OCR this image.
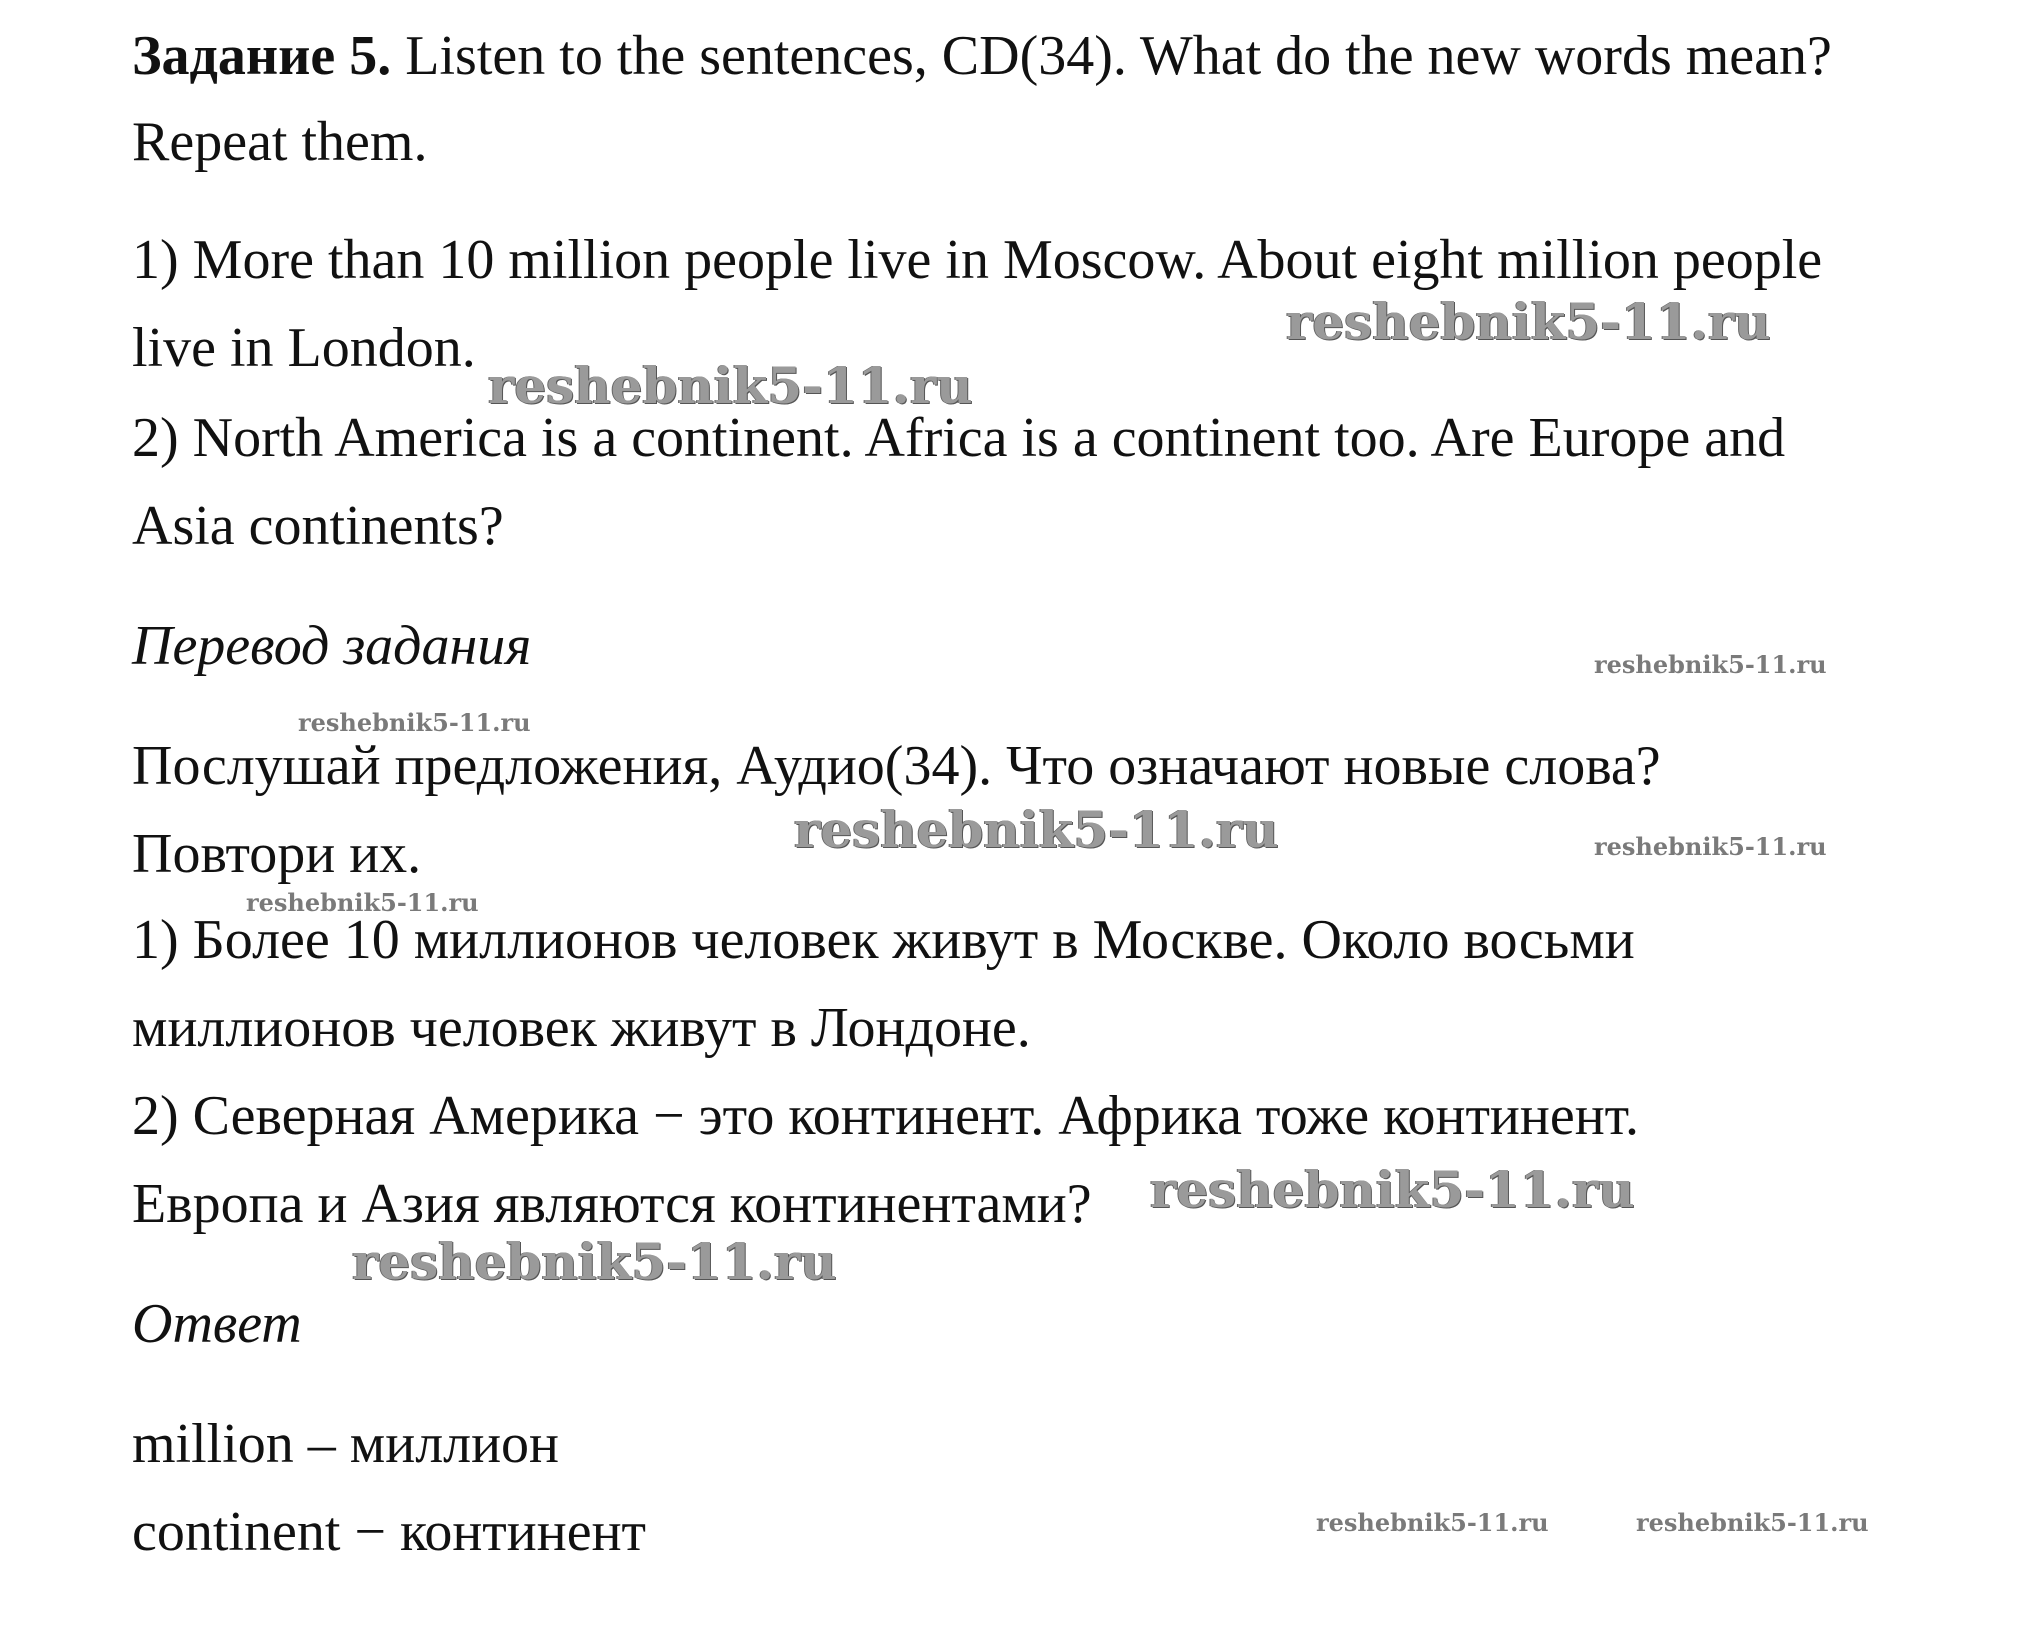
Задание 5. Listen to the sentences, CD(34). What do the new words mean?
Repeat them.
1) More than 10 million people live in Moscow. About eight million people
live in London.
2) North America is a continent. Africa is a continent too. Are Europe and
Asia continents?
Перевод задания
Послушай предложения, Аудио(34). Что означают новые слова?
Повтори их.
1) Более 10 миллионов человек живут в Москве. Около восьми
миллионов человек живут в Лондоне.
2) Северная Америка − это континент. Африка тоже континент.
Европа и Азия являются континентами?
Ответ
million – миллион
continent − континент
reshebnik5-11.ru
reshebnik5-11.ru
reshebnik5-11.ru
reshebnik5-11.ru
reshebnik5-11.ru	reshebnik5-11.ru
reshebnik5-11.ru
reshebnik5-11.ru
reshebnik5-11.ru
reshebnik5-11.ru	reshebnik5-11.ru
